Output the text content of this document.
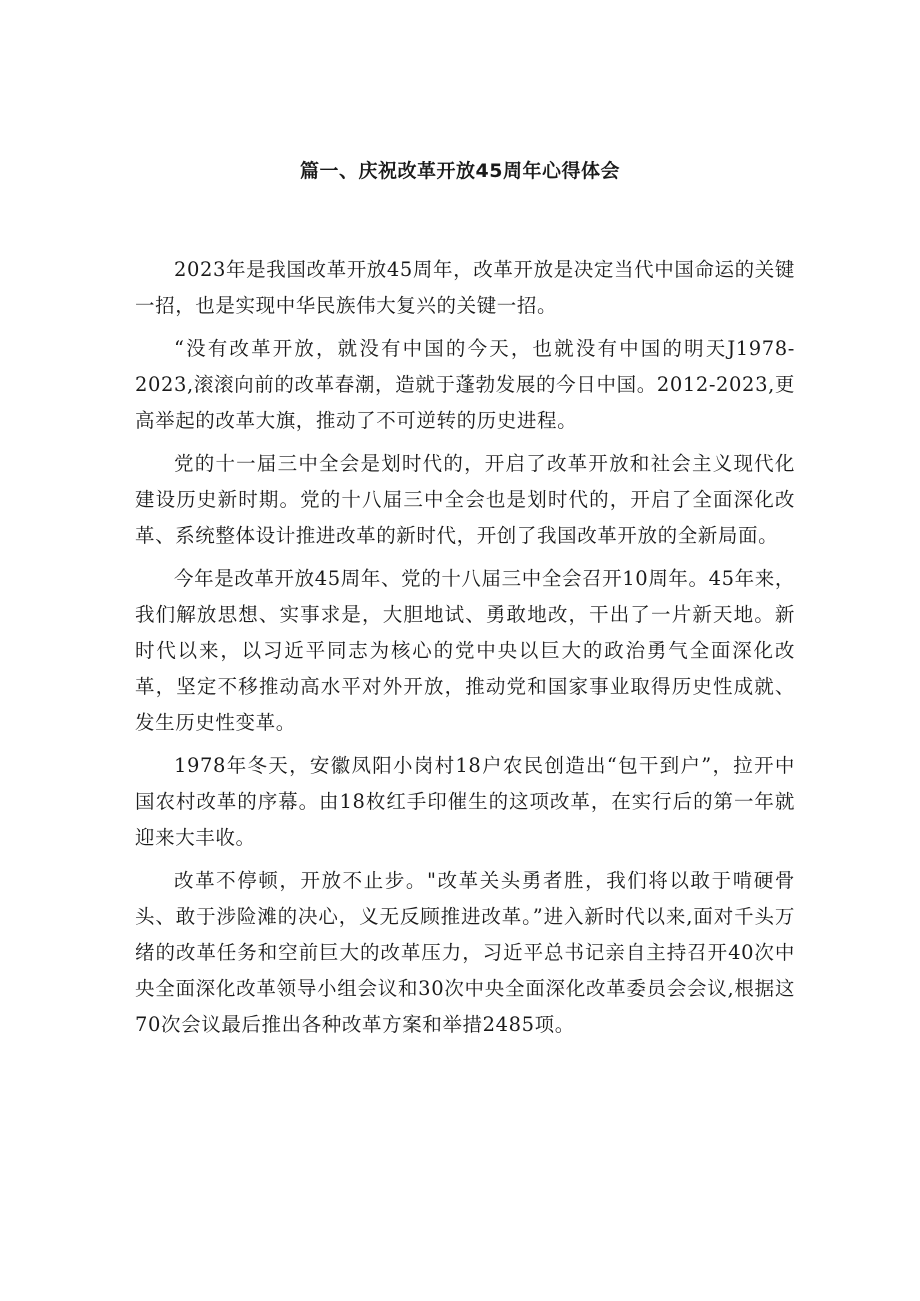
篇一、庆祝改革开放45周年心得体会

2023年是我国改革开放45周年，改革开放是决定当代中国命运的关键一招，也是实现中华民族伟大复兴的关键一招。

“没有改革开放，就没有中国的今天，也就没有中国的明天J1978-2023,滚滚向前的改革春潮，造就于蓬勃发展的今日中国。2012-2023,更高举起的改革大旗，推动了不可逆转的历史进程。

党的十一届三中全会是划时代的，开启了改革开放和社会主义现代化建设历史新时期。党的十八届三中全会也是划时代的，开启了全面深化改革、系统整体设计推进改革的新时代，开创了我国改革开放的全新局面。

今年是改革开放45周年、党的十八届三中全会召开10周年。45年来，我们解放思想、实事求是，大胆地试、勇敢地改，干出了一片新天地。新时代以来，以习近平同志为核心的党中央以巨大的政治勇气全面深化改革，坚定不移推动高水平对外开放，推动党和国家事业取得历史性成就、发生历史性变革。

1978年冬天，安徽凤阳小岗村18户农民创造出“包干到户”，拉开中国农村改革的序幕。由18枚红手印催生的这项改革，在实行后的第一年就迎来大丰收。

改革不停顿，开放不止步。"改革关头勇者胜，我们将以敢于啃硬骨头、敢于涉险滩的决心，义无反顾推进改革。”进入新时代以来,面对千头万绪的改革任务和空前巨大的改革压力，习近平总书记亲自主持召开40次中央全面深化改革领导小组会议和30次中央全面深化改革委员会会议,根据这70次会议最后推出各种改革方案和举措2485项。
